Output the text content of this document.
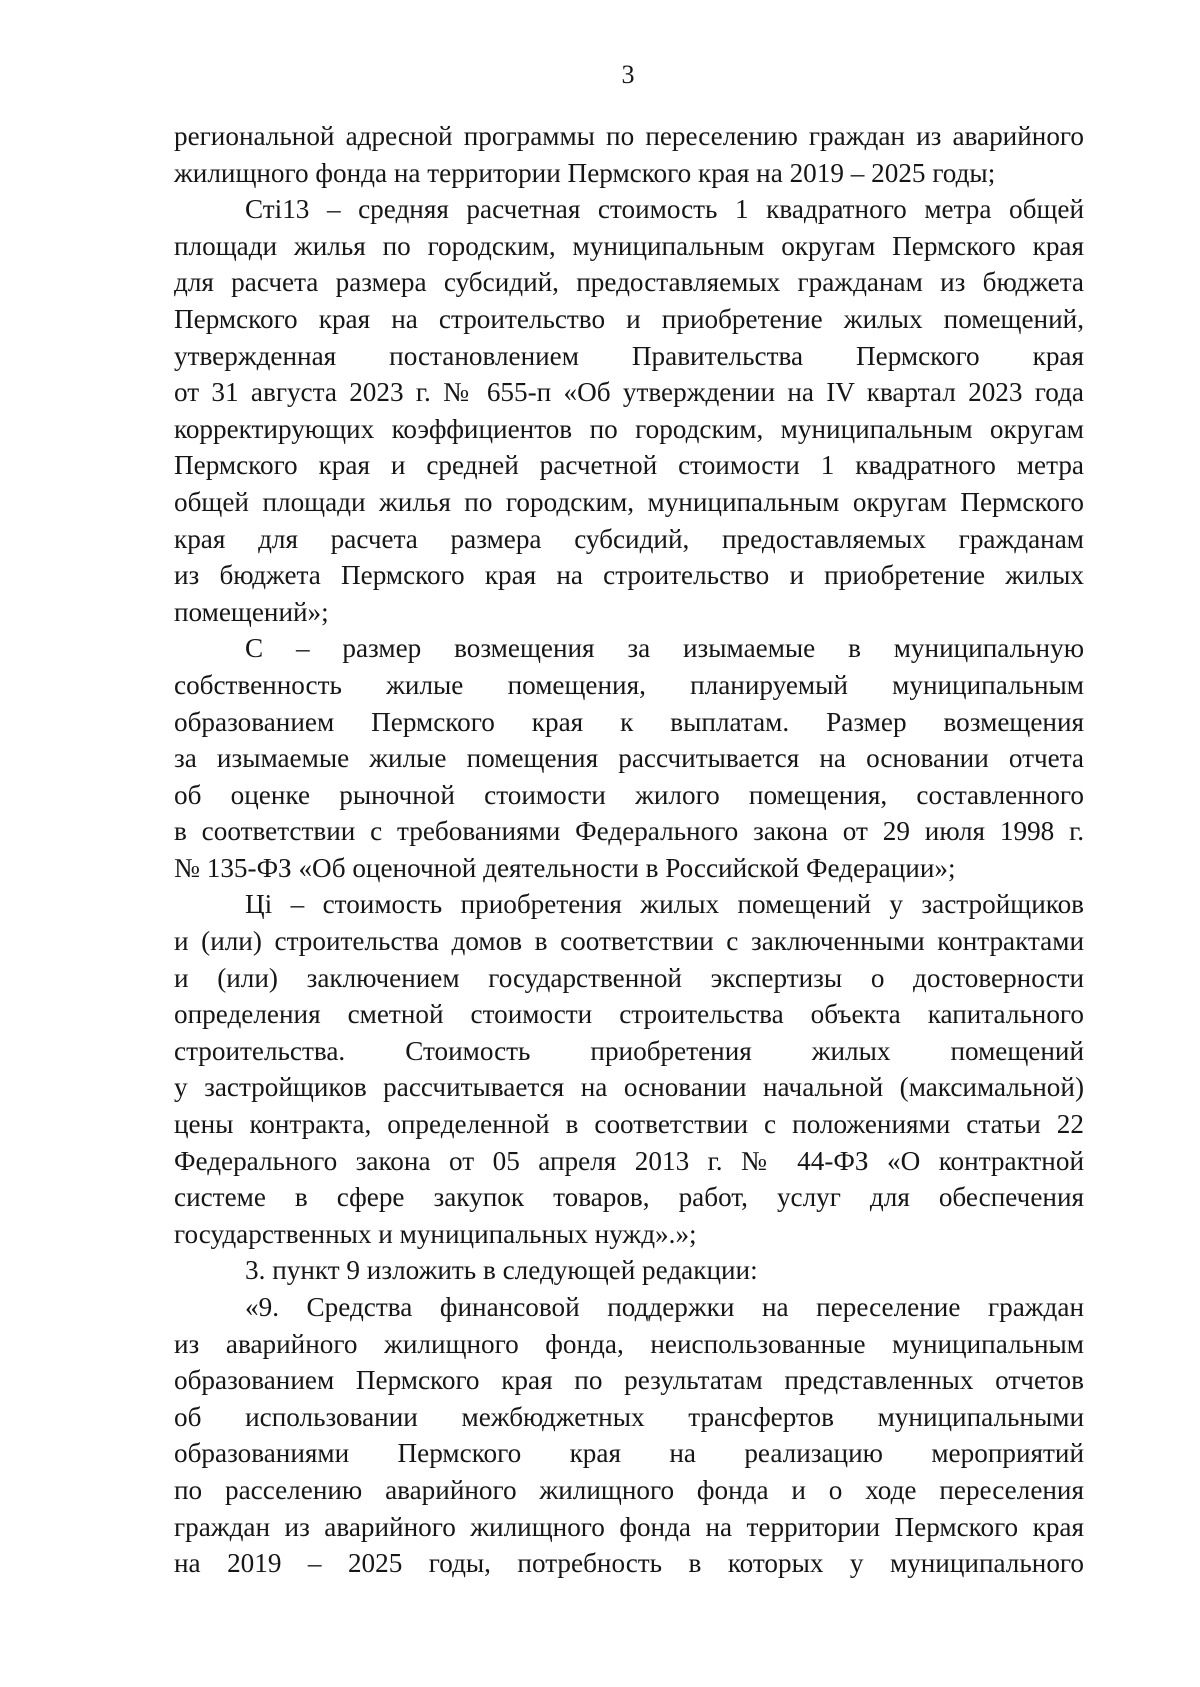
3
региональной адресной программы по переселению граждан из аварийного
жилищного фонда на территории Пермского края на 2019 – 2025 годы;
Стi13 – средняя расчетная стоимость 1 квадратного метра общей
площади жилья по городским, муниципальным округам Пермского края
для расчета размера субсидий, предоставляемых гражданам из бюджета
Пермского края на строительство и приобретение жилых помещений,
утвержденная постановлением Правительства Пермского края
от 31 августа 2023 г. № 655-п «Об утверждении на IV квартал 2023 года
корректирующих коэффициентов по городским, муниципальным округам
Пермского края и средней расчетной стоимости 1 квадратного метра
общей площади жилья по городским, муниципальным округам Пермского
края для расчета размера субсидий, предоставляемых гражданам
из бюджета Пермского края на строительство и приобретение жилых
помещений»;
С – размер возмещения за изымаемые в муниципальную
собственность жилые помещения, планируемый муниципальным
образованием Пермского края к выплатам. Размер возмещения
за изымаемые жилые помещения рассчитывается на основании отчета
об оценке рыночной стоимости жилого помещения, составленного
в соответствии с требованиями Федерального закона от 29 июля 1998 г.
№ 135-ФЗ «Об оценочной деятельности в Российской Федерации»;
Цi – стоимость приобретения жилых помещений у застройщиков
и (или) строительства домов в соответствии с заключенными контрактами
и (или) заключением государственной экспертизы о достоверности
определения сметной стоимости строительства объекта капитального
строительства. Стоимость приобретения жилых помещений
у застройщиков рассчитывается на основании начальной (максимальной)
цены контракта, определенной в соответствии с положениями статьи 22
Федерального закона от 05 апреля 2013 г. № 44-ФЗ «О контрактной
системе в сфере закупок товаров, работ, услуг для обеспечения
государственных и муниципальных нужд».»;
3. пункт 9 изложить в следующей редакции:
«9. Средства финансовой поддержки на переселение граждан
из аварийного жилищного фонда, неиспользованные муниципальным
образованием Пермского края по результатам представленных отчетов
об использовании межбюджетных трансфертов муниципальными
образованиями Пермского края на реализацию мероприятий
по расселению аварийного жилищного фонда и о ходе переселения
граждан из аварийного жилищного фонда на территории Пермского края
на 2019 – 2025 годы, потребность в которых у муниципального
